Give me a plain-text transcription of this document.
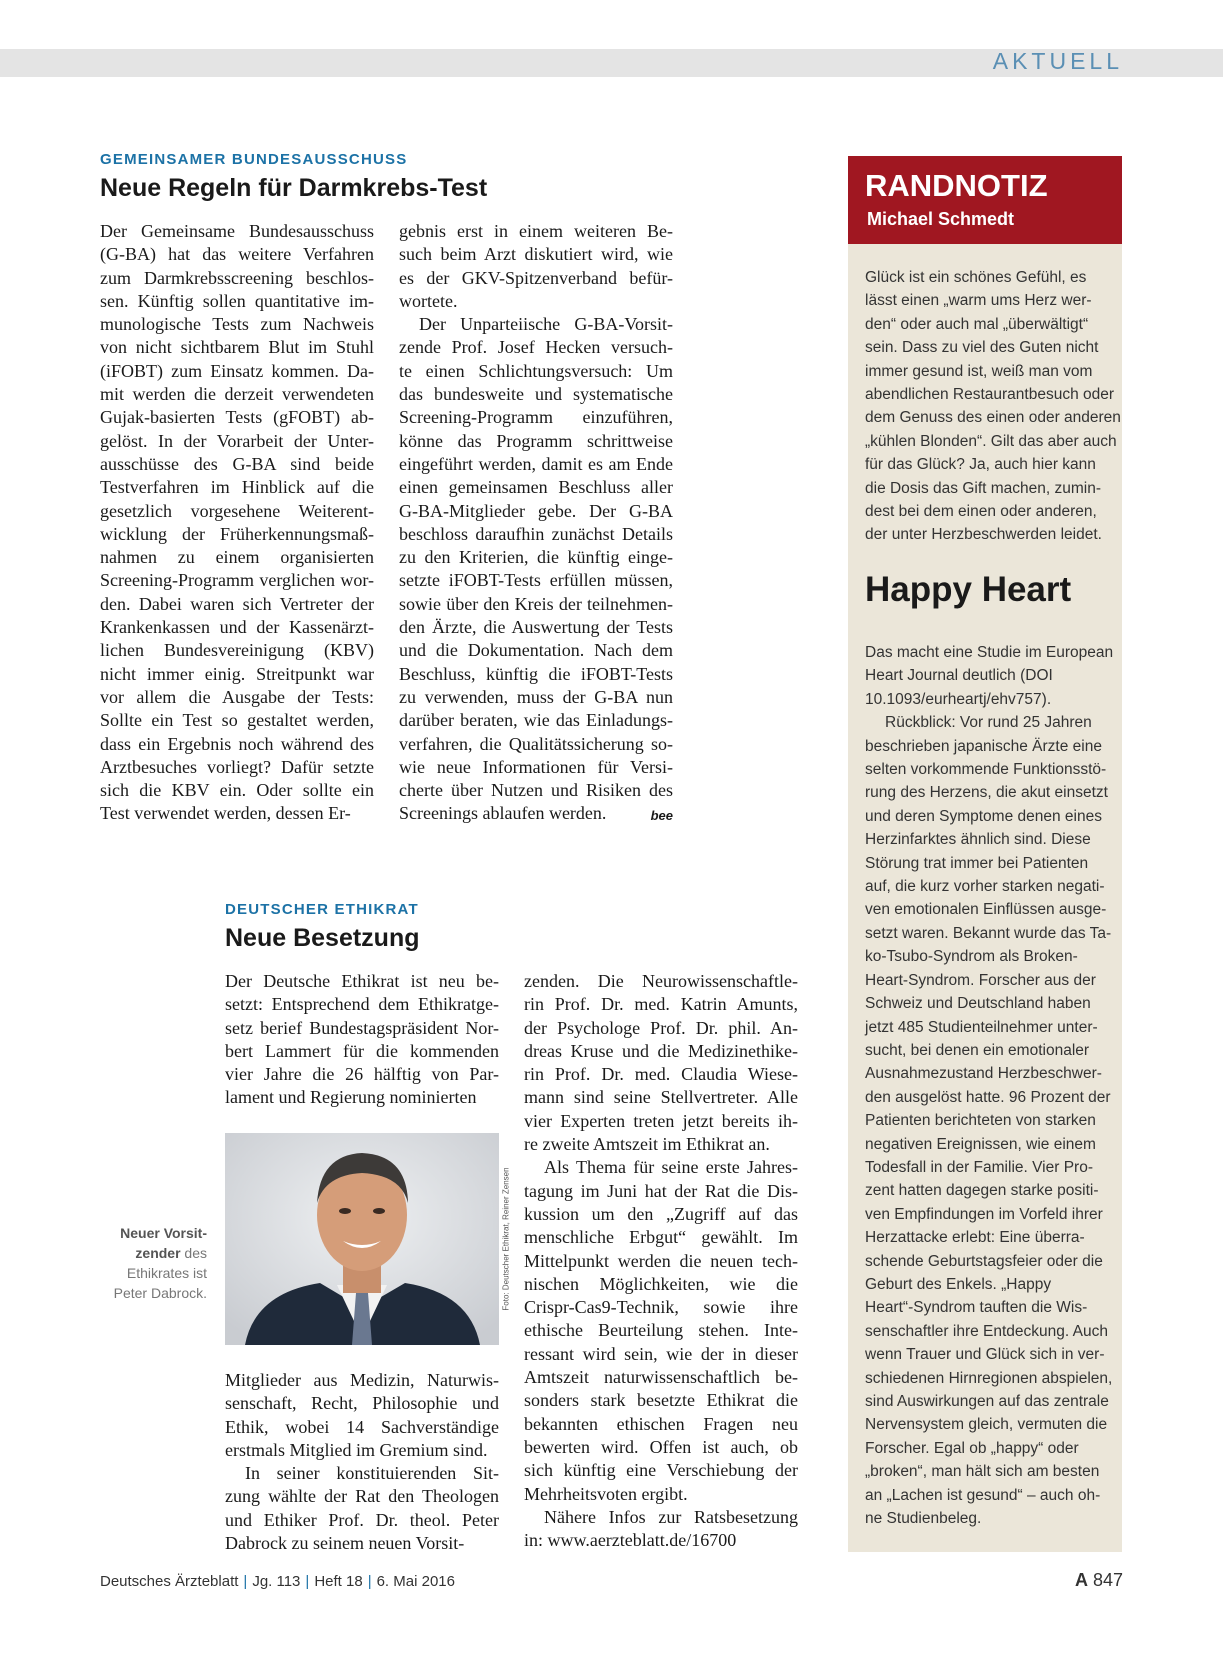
AKTUELL
GEMEINSAMER BUNDESAUSSCHUSS
Neue Regeln für Darmkrebs-Test
Der Gemeinsame Bundesausschuss
(G-BA) hat das weitere Verfahren
zum Darmkrebsscreening beschlos-
sen. Künftig sollen quantitative im-
munologische Tests zum Nachweis
von nicht sichtbarem Blut im Stuhl
(iFOBT) zum Einsatz kommen. Da-
mit werden die derzeit verwendeten
Gujak-basierten Tests (gFOBT) ab-
gelöst. In der Vorarbeit der Unter-
ausschüsse des G-BA sind beide
Testverfahren im Hinblick auf die
gesetzlich vorgesehene Weiterent-
wicklung der Früherkennungsmaß-
nahmen zu einem organisierten
Screening-Programm verglichen wor-
den. Dabei waren sich Vertreter der
Krankenkassen und der Kassenärzt-
lichen Bundesvereinigung (KBV)
nicht immer einig. Streitpunkt war
vor allem die Ausgabe der Tests:
Sollte ein Test so gestaltet werden,
dass ein Ergebnis noch während des
Arztbesuches vorliegt? Dafür setzte
sich die KBV ein. Oder sollte ein
Test verwendet werden, dessen Er-
gebnis erst in einem weiteren Be-
such beim Arzt diskutiert wird, wie
es der GKV-Spitzenverband befür-
wortete.
Der Unparteiische G-BA-Vorsit-
zende Prof. Josef Hecken versuch-
te einen Schlichtungsversuch: Um
das bundesweite und systematische
Screening-Programm einzuführen,
könne das Programm schrittweise
eingeführt werden, damit es am Ende
einen gemeinsamen Beschluss aller
G-BA-Mitglieder gebe. Der G-BA
beschloss daraufhin zunächst Details
zu den Kriterien, die künftig einge-
setzte iFOBT-Tests erfüllen müssen,
sowie über den Kreis der teilnehmen-
den Ärzte, die Auswertung der Tests
und die Dokumentation. Nach dem
Beschluss, künftig die iFOBT-Tests
zu verwenden, muss der G-BA nun
darüber beraten, wie das Einladungs-
verfahren, die Qualitätssicherung so-
wie neue Informationen für Versi-
cherte über Nutzen und Risiken des
Screenings ablaufen werden.	bee
DEUTSCHER ETHIKRAT
Neue Besetzung
Der Deutsche Ethikrat ist neu be-
setzt: Entsprechend dem Ethikratge-
setz berief Bundestagspräsident Nor-
bert Lammert für die kommenden
vier Jahre die 26 hälftig von Par-
lament und Regierung nominierten
Foto: Deutscher Ethikrat, Reiner Zensen
Neuer Vorsit-zender des Ethikrates ist Peter Dabrock.
Mitglieder aus Medizin, Naturwis-
senschaft, Recht, Philosophie und
Ethik, wobei 14 Sachverständige
erstmals Mitglied im Gremium sind.
In seiner konstituierenden Sit-
zung wählte der Rat den Theologen
und Ethiker Prof. Dr. theol. Peter
Dabrock zu seinem neuen Vorsit-
zenden. Die Neurowissenschaftle-
rin Prof. Dr. med. Katrin Amunts,
der Psychologe Prof. Dr. phil. An-
dreas Kruse und die Medizinethike-
rin Prof. Dr. med. Claudia Wiese-
mann sind seine Stellvertreter. Alle
vier Experten treten jetzt bereits ih-
re zweite Amtszeit im Ethikrat an.
Als Thema für seine erste Jahres-
tagung im Juni hat der Rat die Dis-
kussion um den „Zugriff auf das
menschliche Erbgut“ gewählt. Im
Mittelpunkt werden die neuen tech-
nischen Möglichkeiten, wie die
Crispr-Cas9-Technik, sowie ihre
ethische Beurteilung stehen. Inte-
ressant wird sein, wie der in dieser
Amtszeit naturwissenschaftlich be-
sonders stark besetzte Ethikrat die
bekannten ethischen Fragen neu
bewerten wird. Offen ist auch, ob
sich künftig eine Verschiebung der
Mehrheitsvoten ergibt.
Nähere Infos zur Ratsbesetzung
in: www.aerzteblatt.de/16700
RANDNOTIZ
Michael Schmedt
Glück ist ein schönes Gefühl, es
lässt einen „warm ums Herz wer-
den“ oder auch mal „überwältigt“
sein. Dass zu viel des Guten nicht
immer gesund ist, weiß man vom
abendlichen Restaurantbesuch oder
dem Genuss des einen oder anderen
„kühlen Blonden“. Gilt das aber auch
für das Glück? Ja, auch hier kann
die Dosis das Gift machen, zumin-
dest bei dem einen oder anderen,
der unter Herzbeschwerden leidet.
Happy Heart
Das macht eine Studie im European
Heart Journal deutlich (DOI
10.1093/eurheartj/ehv757).
Rückblick: Vor rund 25 Jahren
beschrieben japanische Ärzte eine
selten vorkommende Funktionsstö-
rung des Herzens, die akut einsetzt
und deren Symptome denen eines
Herzinfarktes ähnlich sind. Diese
Störung trat immer bei Patienten
auf, die kurz vorher starken negati-
ven emotionalen Einflüssen ausge-
setzt waren. Bekannt wurde das Ta-
ko-Tsubo-Syndrom als Broken-
Heart-Syndrom. Forscher aus der
Schweiz und Deutschland haben
jetzt 485 Studienteilnehmer unter-
sucht, bei denen ein emotionaler
Ausnahmezustand Herzbeschwer-
den ausgelöst hatte. 96 Prozent der
Patienten berichteten von starken
negativen Ereignissen, wie einem
Todesfall in der Familie. Vier Pro-
zent hatten dagegen starke positi-
ven Empfindungen im Vorfeld ihrer
Herzattacke erlebt: Eine überra-
schende Geburtstagsfeier oder die
Geburt des Enkels. „Happy
Heart“-Syndrom tauften die Wis-
senschaftler ihre Entdeckung. Auch
wenn Trauer und Glück sich in ver-
schiedenen Hirnregionen abspielen,
sind Auswirkungen auf das zentrale
Nervensystem gleich, vermuten die
Forscher. Egal ob „happy“ oder
„broken“, man hält sich am besten
an „Lachen ist gesund“ – auch oh-
ne Studienbeleg.
Deutsches Ärzteblatt | Jg. 113 | Heft 18 | 6. Mai 2016	A 847
